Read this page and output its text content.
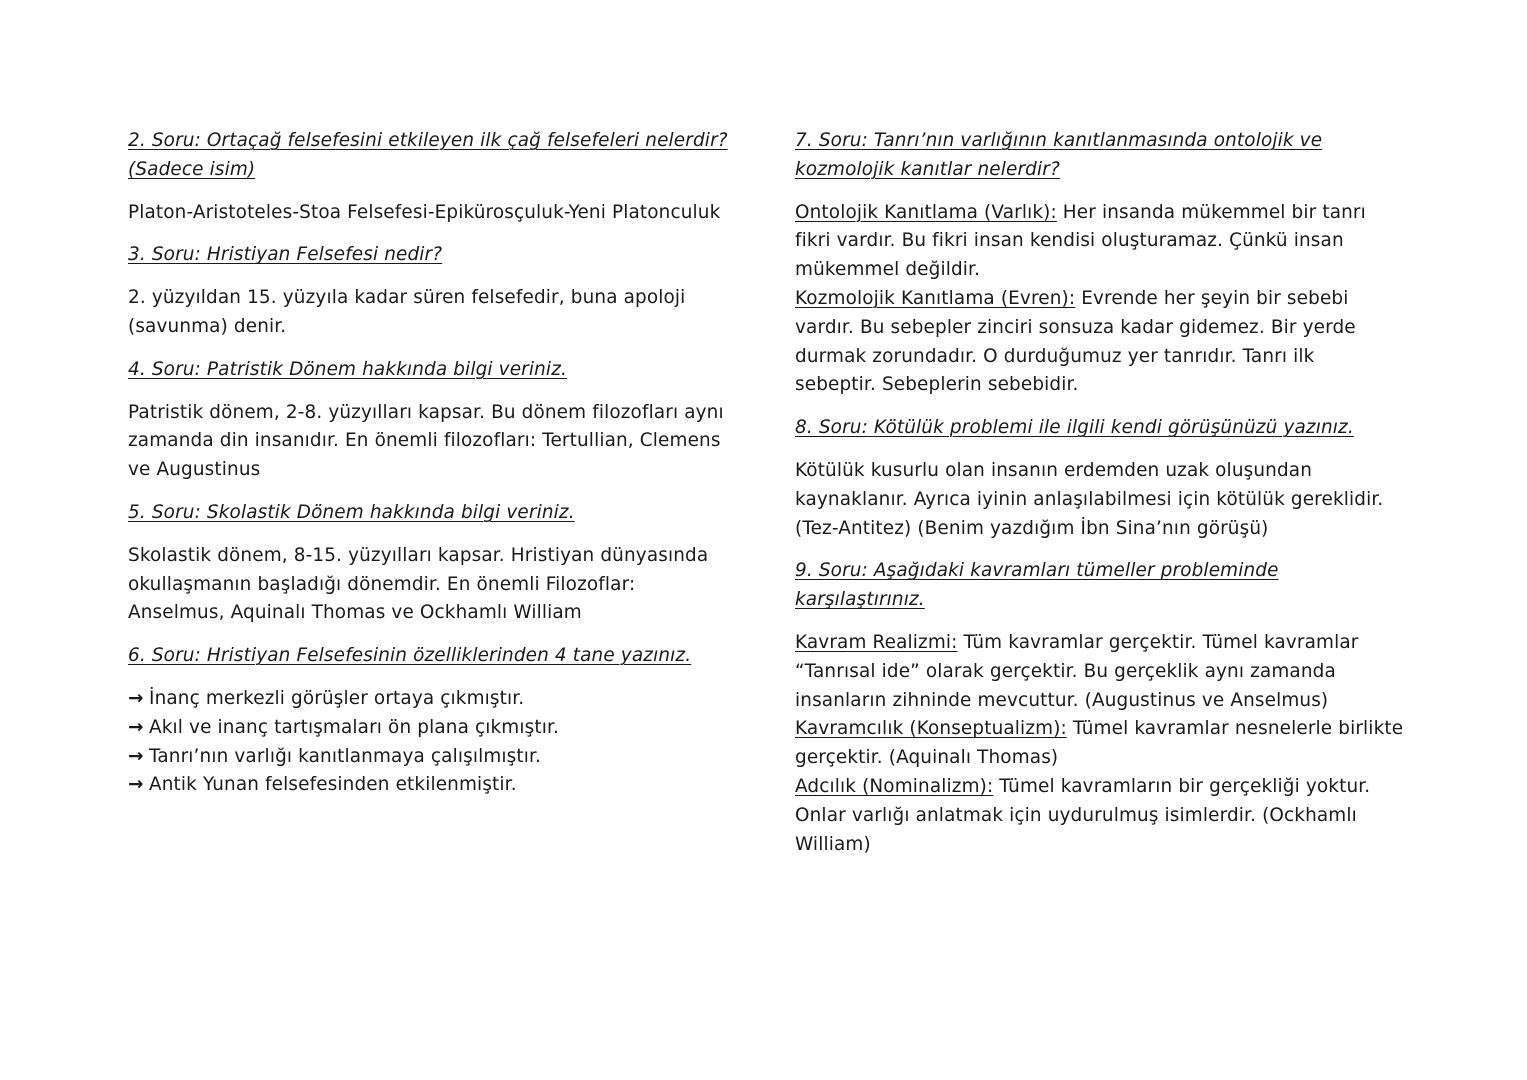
2. Soru: Ortaçağ felsefesini etkileyen ilk çağ felsefeleri nelerdir?
(Sadece isim)

Platon-Aristoteles-Stoa Felsefesi-Epikürosçuluk-Yeni Platonculuk

3. Soru: Hristiyan Felsefesi nedir?

2. yüzyıldan 15. yüzyıla kadar süren felsefedir, buna apoloji
(savunma) denir.

4. Soru: Patristik Dönem hakkında bilgi veriniz.

Patristik dönem, 2-8. yüzyılları kapsar. Bu dönem filozofları aynı
zamanda din insanıdır. En önemli filozofları: Tertullian, Clemens
ve Augustinus

5. Soru: Skolastik Dönem hakkında bilgi veriniz.

Skolastik dönem, 8-15. yüzyılları kapsar. Hristiyan dünyasında
okullaşmanın başladığı dönemdir. En önemli Filozoflar:
Anselmus, Aquinalı Thomas ve Ockhamlı William

6. Soru: Hristiyan Felsefesinin özelliklerinden 4 tane yazınız.

→ İnanç merkezli görüşler ortaya çıkmıştır.
→ Akıl ve inanç tartışmaları ön plana çıkmıştır.
→ Tanrı’nın varlığı kanıtlanmaya çalışılmıştır.
→ Antik Yunan felsefesinden etkilenmiştir.

7. Soru: Tanrı’nın varlığının kanıtlanmasında ontolojik ve
kozmolojik kanıtlar nelerdir?

Ontolojik Kanıtlama (Varlık): Her insanda mükemmel bir tanrı
fikri vardır. Bu fikri insan kendisi oluşturamaz. Çünkü insan
mükemmel değildir.
Kozmolojik Kanıtlama (Evren): Evrende her şeyin bir sebebi
vardır. Bu sebepler zinciri sonsuza kadar gidemez. Bir yerde
durmak zorundadır. O durduğumuz yer tanrıdır. Tanrı ilk
sebeptir. Sebeplerin sebebidir.

8. Soru: Kötülük problemi ile ilgili kendi görüşünüzü yazınız.

Kötülük kusurlu olan insanın erdemden uzak oluşundan
kaynaklanır. Ayrıca iyinin anlaşılabilmesi için kötülük gereklidir.
(Tez-Antitez) (Benim yazdığım İbn Sina’nın görüşü)

9. Soru: Aşağıdaki kavramları tümeller probleminde
karşılaştırınız.

Kavram Realizmi: Tüm kavramlar gerçektir. Tümel kavramlar
“Tanrısal ide” olarak gerçektir. Bu gerçeklik aynı zamanda
insanların zihninde mevcuttur. (Augustinus ve Anselmus)
Kavramcılık (Konseptualizm): Tümel kavramlar nesnelerle birlikte
gerçektir. (Aquinalı Thomas)
Adcılık (Nominalizm): Tümel kavramların bir gerçekliği yoktur.
Onlar varlığı anlatmak için uydurulmuş isimlerdir. (Ockhamlı
William)
